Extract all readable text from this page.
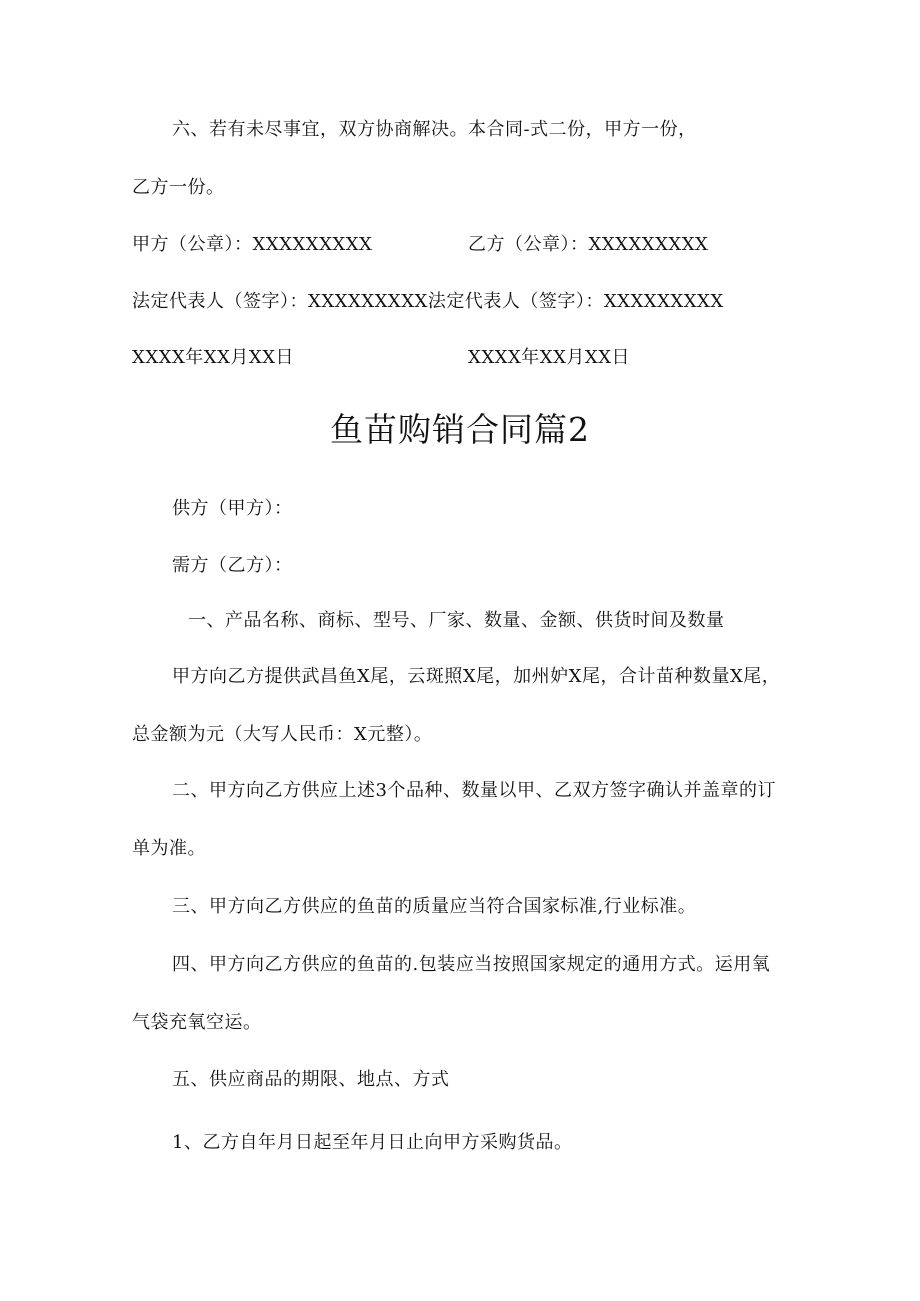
六、若有未尽事宜，双方协商解决。本合同-式二份，甲方一份，
乙方一份。
甲方（公章）：XXXXXXXXX	乙方（公章）：XXXXXXXXX
法定代表人（签字）：XXXXXXXXX法定代表人（签字）：XXXXXXXXX
XXXX年XX月XX日	XXXX年XX月XX日
鱼苗购销合同篇2
供方（甲方）：
需方（乙方）：
一、产品名称、商标、型号、厂家、数量、金额、供货时间及数量
甲方向乙方提供武昌鱼X尾，云斑照X尾，加州妒X尾，合计苗种数量X尾，
总金额为元（大写人民币：X元整）。
二、甲方向乙方供应上述3个品种、数量以甲、乙双方签字确认并盖章的订
单为准。
三、甲方向乙方供应的鱼苗的质量应当符合国家标准,行业标准。
四、甲方向乙方供应的鱼苗的.包装应当按照国家规定的通用方式。运用氧
气袋充氧空运。
五、供应商品的期限、地点、方式
1、乙方自年月日起至年月日止向甲方采购货品。
